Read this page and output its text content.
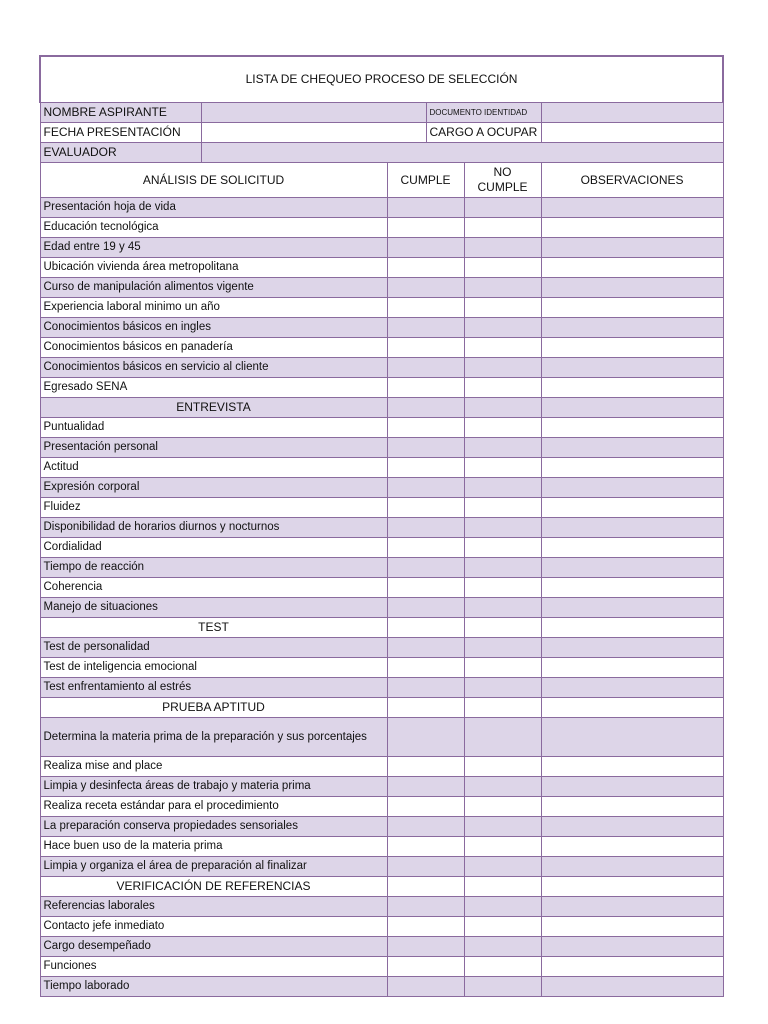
LISTA DE CHEQUEO PROCESO DE SELECCIÓN					
NOMBRE ASPIRANTE			DOCUMENTO IDENTIDAD		
FECHA PRESENTACIÓN			CARGO A OCUPAR		
EVALUADOR					
ANÁLISIS DE SOLICITUD		CUMPLE		NO CUMPLE	OBSERVACIONES
Presentación hoja de vida					
Educación tecnológica					
Edad entre 19 y 45					
Ubicación vivienda área metropolitana					
Curso de manipulación alimentos vigente					
Experiencia laboral minimo un año					
Conocimientos básicos en ingles					
Conocimientos básicos en panadería					
Conocimientos básicos en servicio al cliente					
Egresado SENA					
ENTREVISTA					
Puntualidad					
Presentación personal					
Actitud					
Expresión corporal					
Fluidez					
Disponibilidad de horarios diurnos y nocturnos					
Cordialidad					
Tiempo de reacción					
Coherencia					
Manejo de situaciones					
TEST					
Test de personalidad					
Test de inteligencia emocional					
Test enfrentamiento al estrés					
PRUEBA APTITUD					
Determina la materia prima de la preparación y sus porcentajes					
Realiza mise and place					
Limpia y desinfecta áreas de trabajo y materia prima					
Realiza receta estándar para el procedimiento					
La preparación conserva propiedades sensoriales					
Hace buen uso de la materia prima					
Limpia y organiza el área de preparación al finalizar					
VERIFICACIÓN DE REFERENCIAS					
Referencias laborales					
Contacto jefe inmediato					
Cargo desempeñado					
Funciones					
Tiempo laborado					
